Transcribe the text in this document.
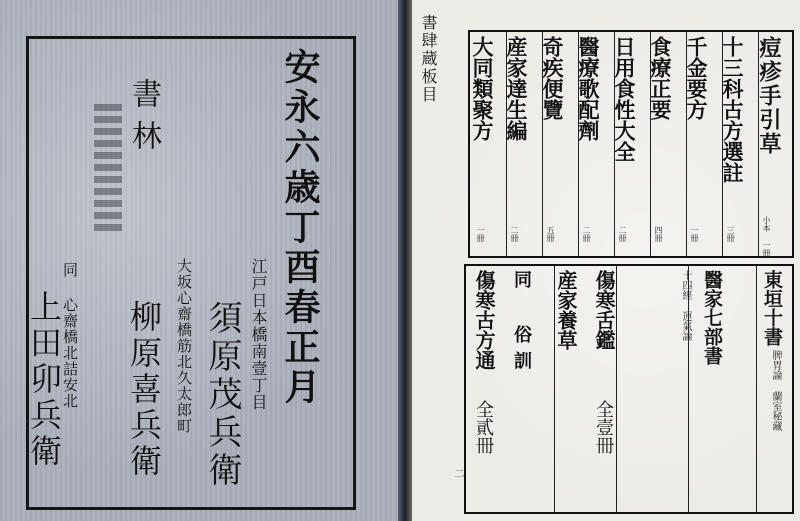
安永六歳丁酉春正月
書林
江戸日本橋南壹丁目
須原茂兵衛
大坂心齋橋筋北久太郎町
柳原喜兵衛
同 心齋橋北詰安北
上田卯兵衛
書肆蔵板目	痘疹手引草
小本 一冊
十三科古方選註
三冊
千金要方
一冊
食療正要
四冊
日用食性大全
二冊
醫療歌配劑
二冊
奇疾便覽
五冊
産家達生編
二冊
大同類聚方
一冊
東垣十書
脾胃論 蘭室秘藏
醫家七部書
十四經 運氣論
傷寒舌鑑
全壹冊
産家養草
同 俗訓
傷寒古方通
全貳冊
二
